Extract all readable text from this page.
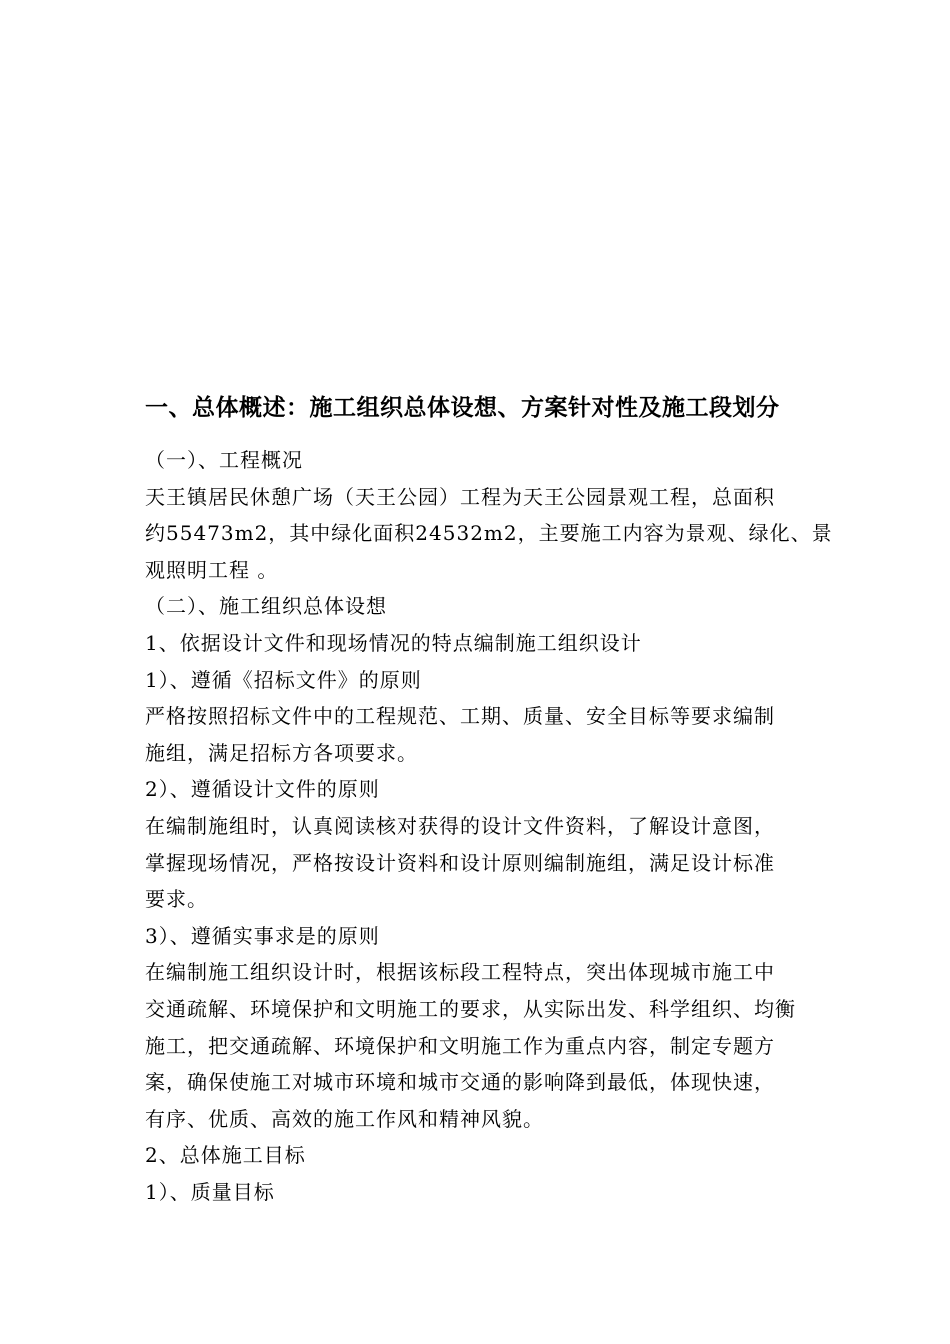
一、总体概述：施工组织总体设想、方案针对性及施工段划分

（一）、工程概况

天王镇居民休憩广场（天王公园）工程为天王公园景观工程，总面积

约55473m2，其中绿化面积24532m2，主要施工内容为景观、绿化、景

观照明工程 。

（二）、施工组织总体设想

1、依据设计文件和现场情况的特点编制施工组织设计

1）、遵循《招标文件》的原则

严格按照招标文件中的工程规范、工期、质量、安全目标等要求编制

施组，满足招标方各项要求。

2）、遵循设计文件的原则

在编制施组时，认真阅读核对获得的设计文件资料，了解设计意图，

掌握现场情况，严格按设计资料和设计原则编制施组，满足设计标准

要求。

3）、遵循实事求是的原则

在编制施工组织设计时，根据该标段工程特点，突出体现城市施工中

交通疏解、环境保护和文明施工的要求，从实际出发、科学组织、均衡

施工，把交通疏解、环境保护和文明施工作为重点内容，制定专题方

案，确保使施工对城市环境和城市交通的影响降到最低，体现快速，

有序、优质、高效的施工作风和精神风貌。

2、总体施工目标

1）、质量目标
